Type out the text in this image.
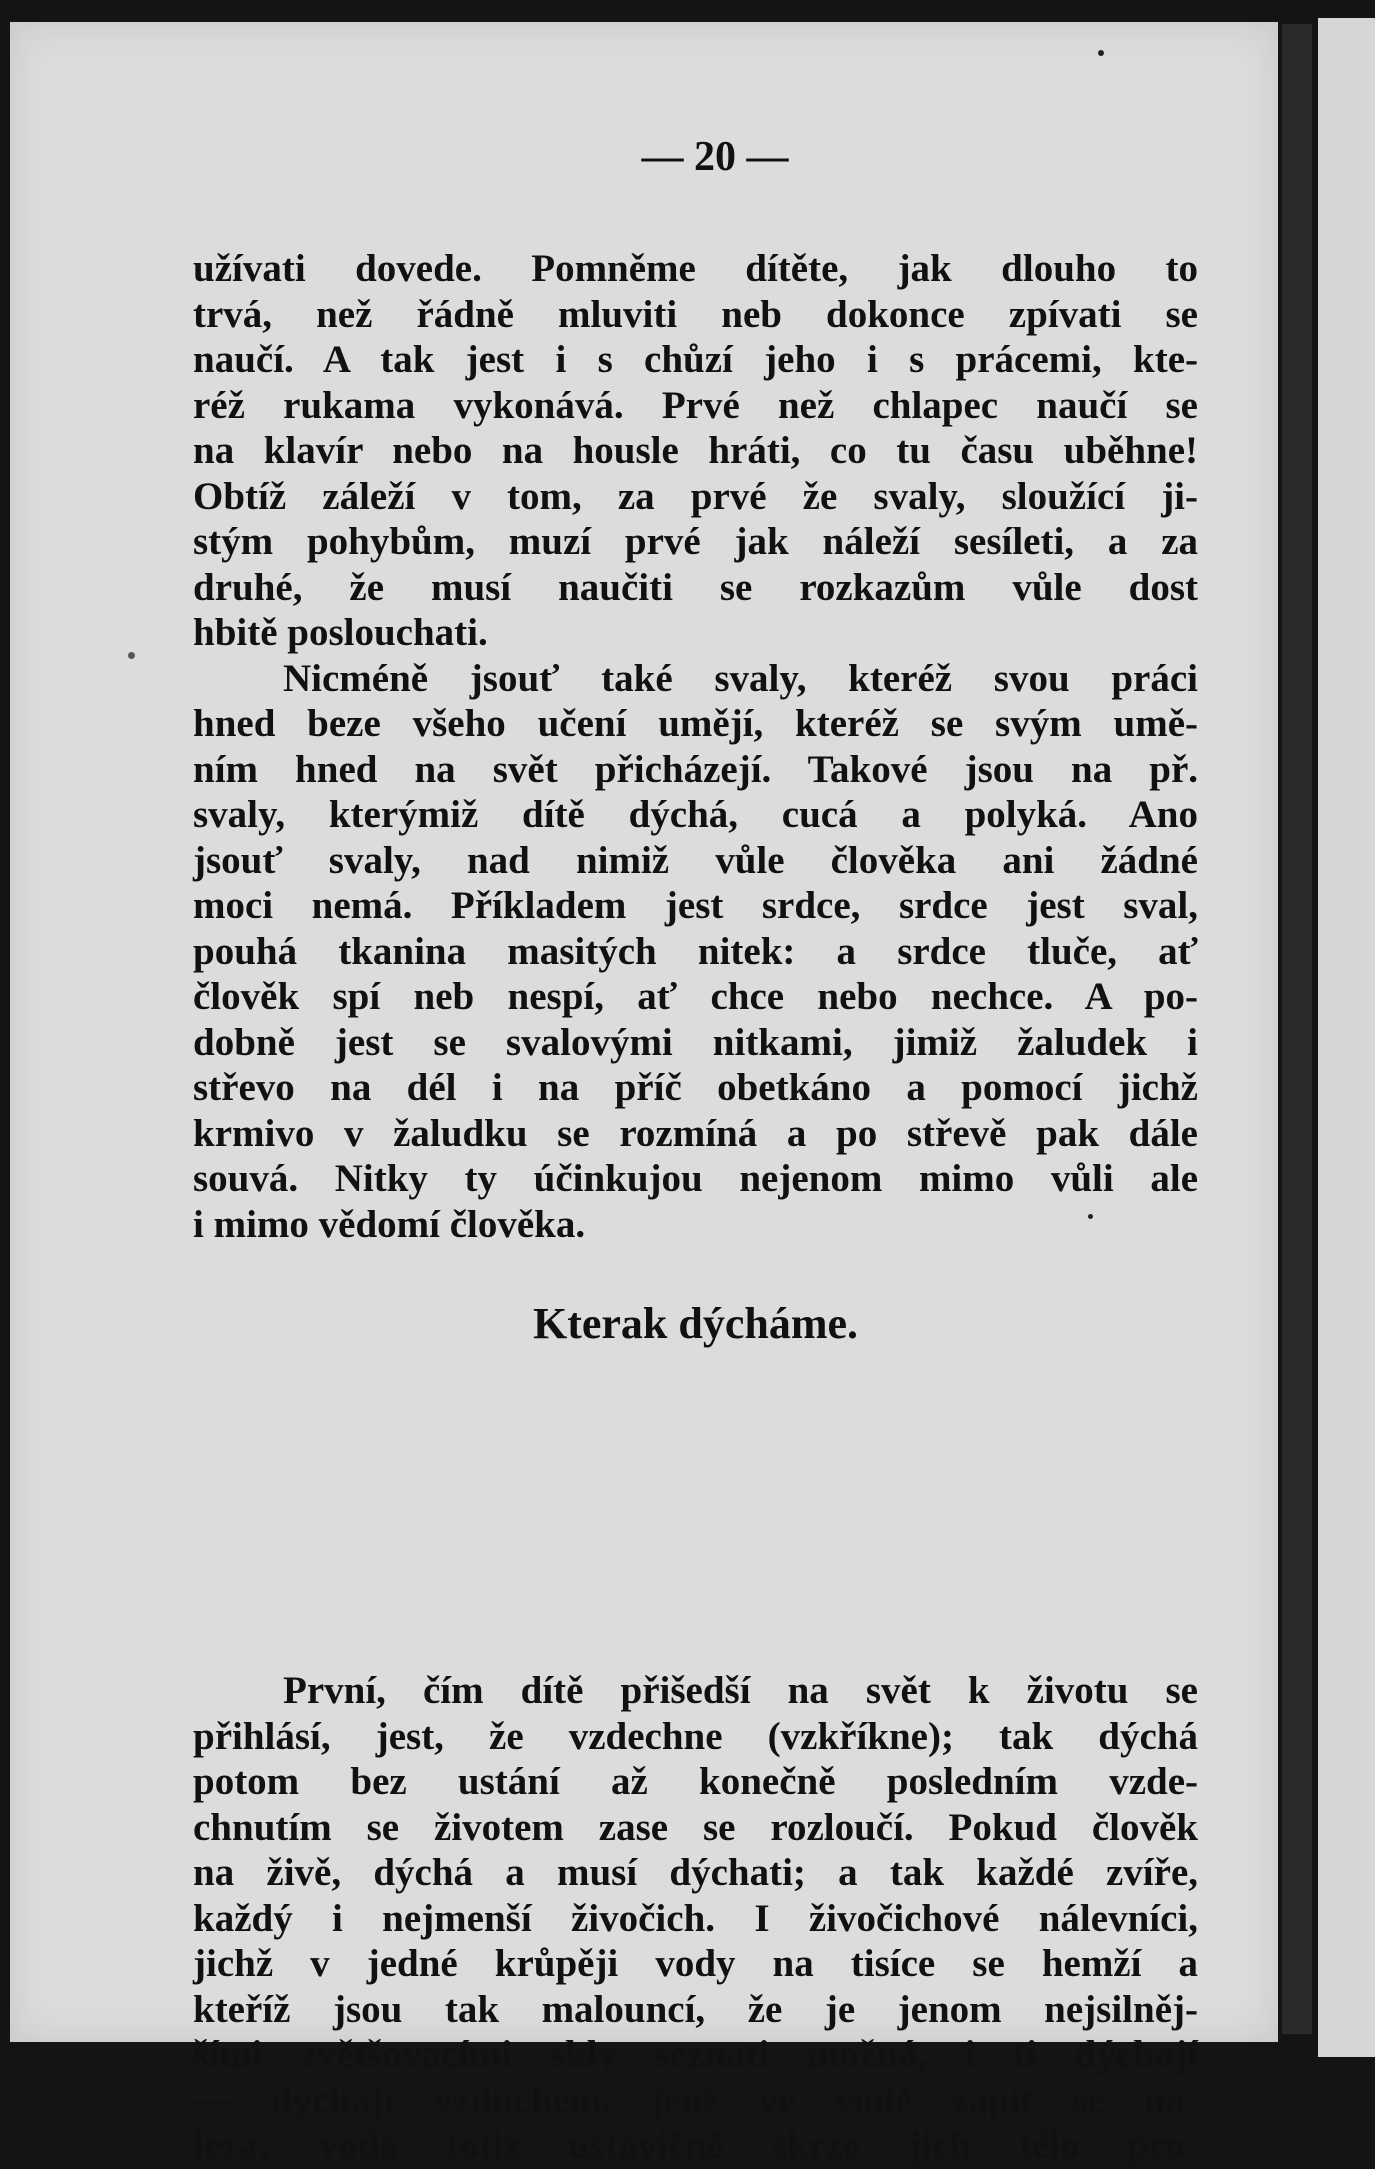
— 20 —
užívati dovede. Pomněme dítěte, jak dlouho to
trvá, než řádně mluviti neb dokonce zpívati se
naučí. A tak jest i s chůzí jeho i s prácemi, kte-
réž rukama vykonává. Prvé než chlapec naučí se
na klavír nebo na housle hráti, co tu času uběhne!
Obtíž záleží v tom, za prvé že svaly, sloužící ji-
stým pohybům, muzí prvé jak náleží sesíleti, a za
druhé, že musí naučiti se rozkazům vůle dost
hbitě poslouchati.
Nicméně jsouť také svaly, kteréž svou práci
hned beze všeho učení umějí, kteréž se svým umě-
ním hned na svět přicházejí. Takové jsou na př.
svaly, kterýmiž dítě dýchá, cucá a polyká. Ano
jsouť svaly, nad nimiž vůle člověka ani žádné
moci nemá. Příkladem jest srdce, srdce jest sval,
pouhá tkanina masitých nitek: a srdce tluče, ať
člověk spí neb nespí, ať chce nebo nechce. A po-
dobně jest se svalovými nitkami, jimiž žaludek i
střevo na dél i na příč obetkáno a pomocí jichž
krmivo v žaludku se rozmíná a po střevě pak dále
souvá. Nitky ty účinkujou nejenom mimo vůli ale
i mimo vědomí člověka.
Kterak dýcháme.
První, čím dítě přišedší na svět k životu se
přihlásí, jest, že vzdechne (vzkříkne); tak dýchá
potom bez ustání až konečně posledním vzde-
chnutím se životem zase se rozloučí. Pokud člověk
na živě, dýchá a musí dýchati; a tak každé zvíře,
každý i nejmenší živočich. I živočichové nálevníci,
jichž v jedné krůpěji vody na tisíce se hemží a
kteříž jsou tak malouncí, že je jenom nejsilněj-
šími zvětšovacími skly seznati možná, i ti dýchají
— dýchají vzduchem, jenž ve vodě zapit se na-
lézá; voda totiž ustavičně skrze jich tělo pro-
